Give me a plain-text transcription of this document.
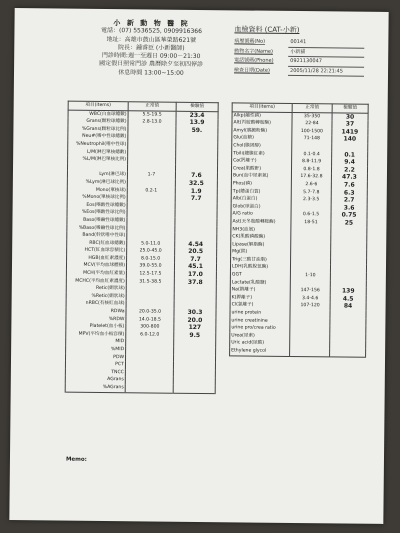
小 新 動 物 醫 院
電話：(07) 5536525, 0909916366
地址：高雄市鼓山區華榮路621號
院長：鍾睿臣 (小新醫師)
門診時間:週一至週日 09:00－21:30
國定假日照常門診 農曆除夕至初四停診
休息時間 13:00~15:00
血檢資料 (CAT-小新)
病歷號碼(No)	00141
動物名字(Name)	小新貓
電話號碼(Phone)	0921130047
檢查日期(Date)	2005/11/28 22:21:45
項目(items)	正常值	檢驗值
WBC(白血球總數)	5.5-19.5	23.4
Grans(顆粒球總數)	2.8-13.0	13.9
%Grans(顆粒球比例)		59.
Neu#(嗜中性球總數)		
%Neutrophil(嗜中性球)		
L/M(淋巴單核總數)		
%L/M(淋巴單核比例)		

Lym(淋巴球)	1-7	7.6
%Lym(淋巴球比例)		32.5
Mono(單核球)	0.2-1	1.9
%Mono(單核球比例)		7.7
Eos(嗜酸性球總數)		
%Eos(嗜酸性球比例)		
Baso(嗜鹼性球總數)		
%Baso(嗜鹼性球比例)		
Band(幹狀嗜中性球)		
RBC(紅血球總數)	5.0-11.0	4.54
HCT(紅血球容積比)	25.0-45.0	20.5
HGB(血紅素濃度)	8.0-15.0	7.7
MCV(平均血球體積)	39.0-55.0	45.1
MCH(平均血紅素量)	12.5-17.5	17.0
MCHC(平均血紅素濃度)	31.5-38.5	37.8
Retic(網狀球)		
%Retic(網狀球)		
nRBC(有核紅血球)		
RDWa	20.0-35.0	30.3
%RDW	14.0-18.5	20.0
Platelet(血小板)	300-800	127
MPV(平均血小板容積)	6.0-12.0	9.5
MID		
%MID		
PDW		
PCT		
TNCC		
AGrans		
%AGrans		
項目(items)	正常值	檢驗值
Alkp(鹼性磷)	35-350	30
Alt(丙胺酸轉胺酶)	22-84	37
Amyl(胰澱粉酶)	100-1500	1419
Glu(血糖)	71-148	140
Chol(膽固醇)		
Tbili(總膽紅素)	0.1-0.4	0.1
Ca(鈣離子)	8.8-11.9	9.4
Crea(肌酸酐)	0.8-1.8	2.2
Bun(血中尿素氮)	17.6-32.8	47.3
Phos(磷)	2.6-6	7.6
Tp(總蛋白質)	5.7-7.8	6.3
Alb(白蛋白)	2.3-3.5	2.7
Glob(球蛋白)		3.6
A/G ratio	0.6-1.5	0.75
Ast(天冬胺酸轉胺酶)	18-51	25
NH3(血氨)		
CK(肌酸磷酸酶)		
Lipase(解脂酶)		
Mg(鎂)		
Trig(三酸甘油脂)		
LDH(乳酸脫氫酶)		
GGT	1-10	
Lactate(乳酸鹽)		
Na(鈉離子)	147-156	139
K(鉀離子)	3.4-4.6	4.5
Cl(氯離子)	107-120	84
urine protein		
urine creatinine		
urine pro/crea ratio		
Urea(尿素)		
Uric acid(尿酸)		
Ethylene glycol		
Memo:
